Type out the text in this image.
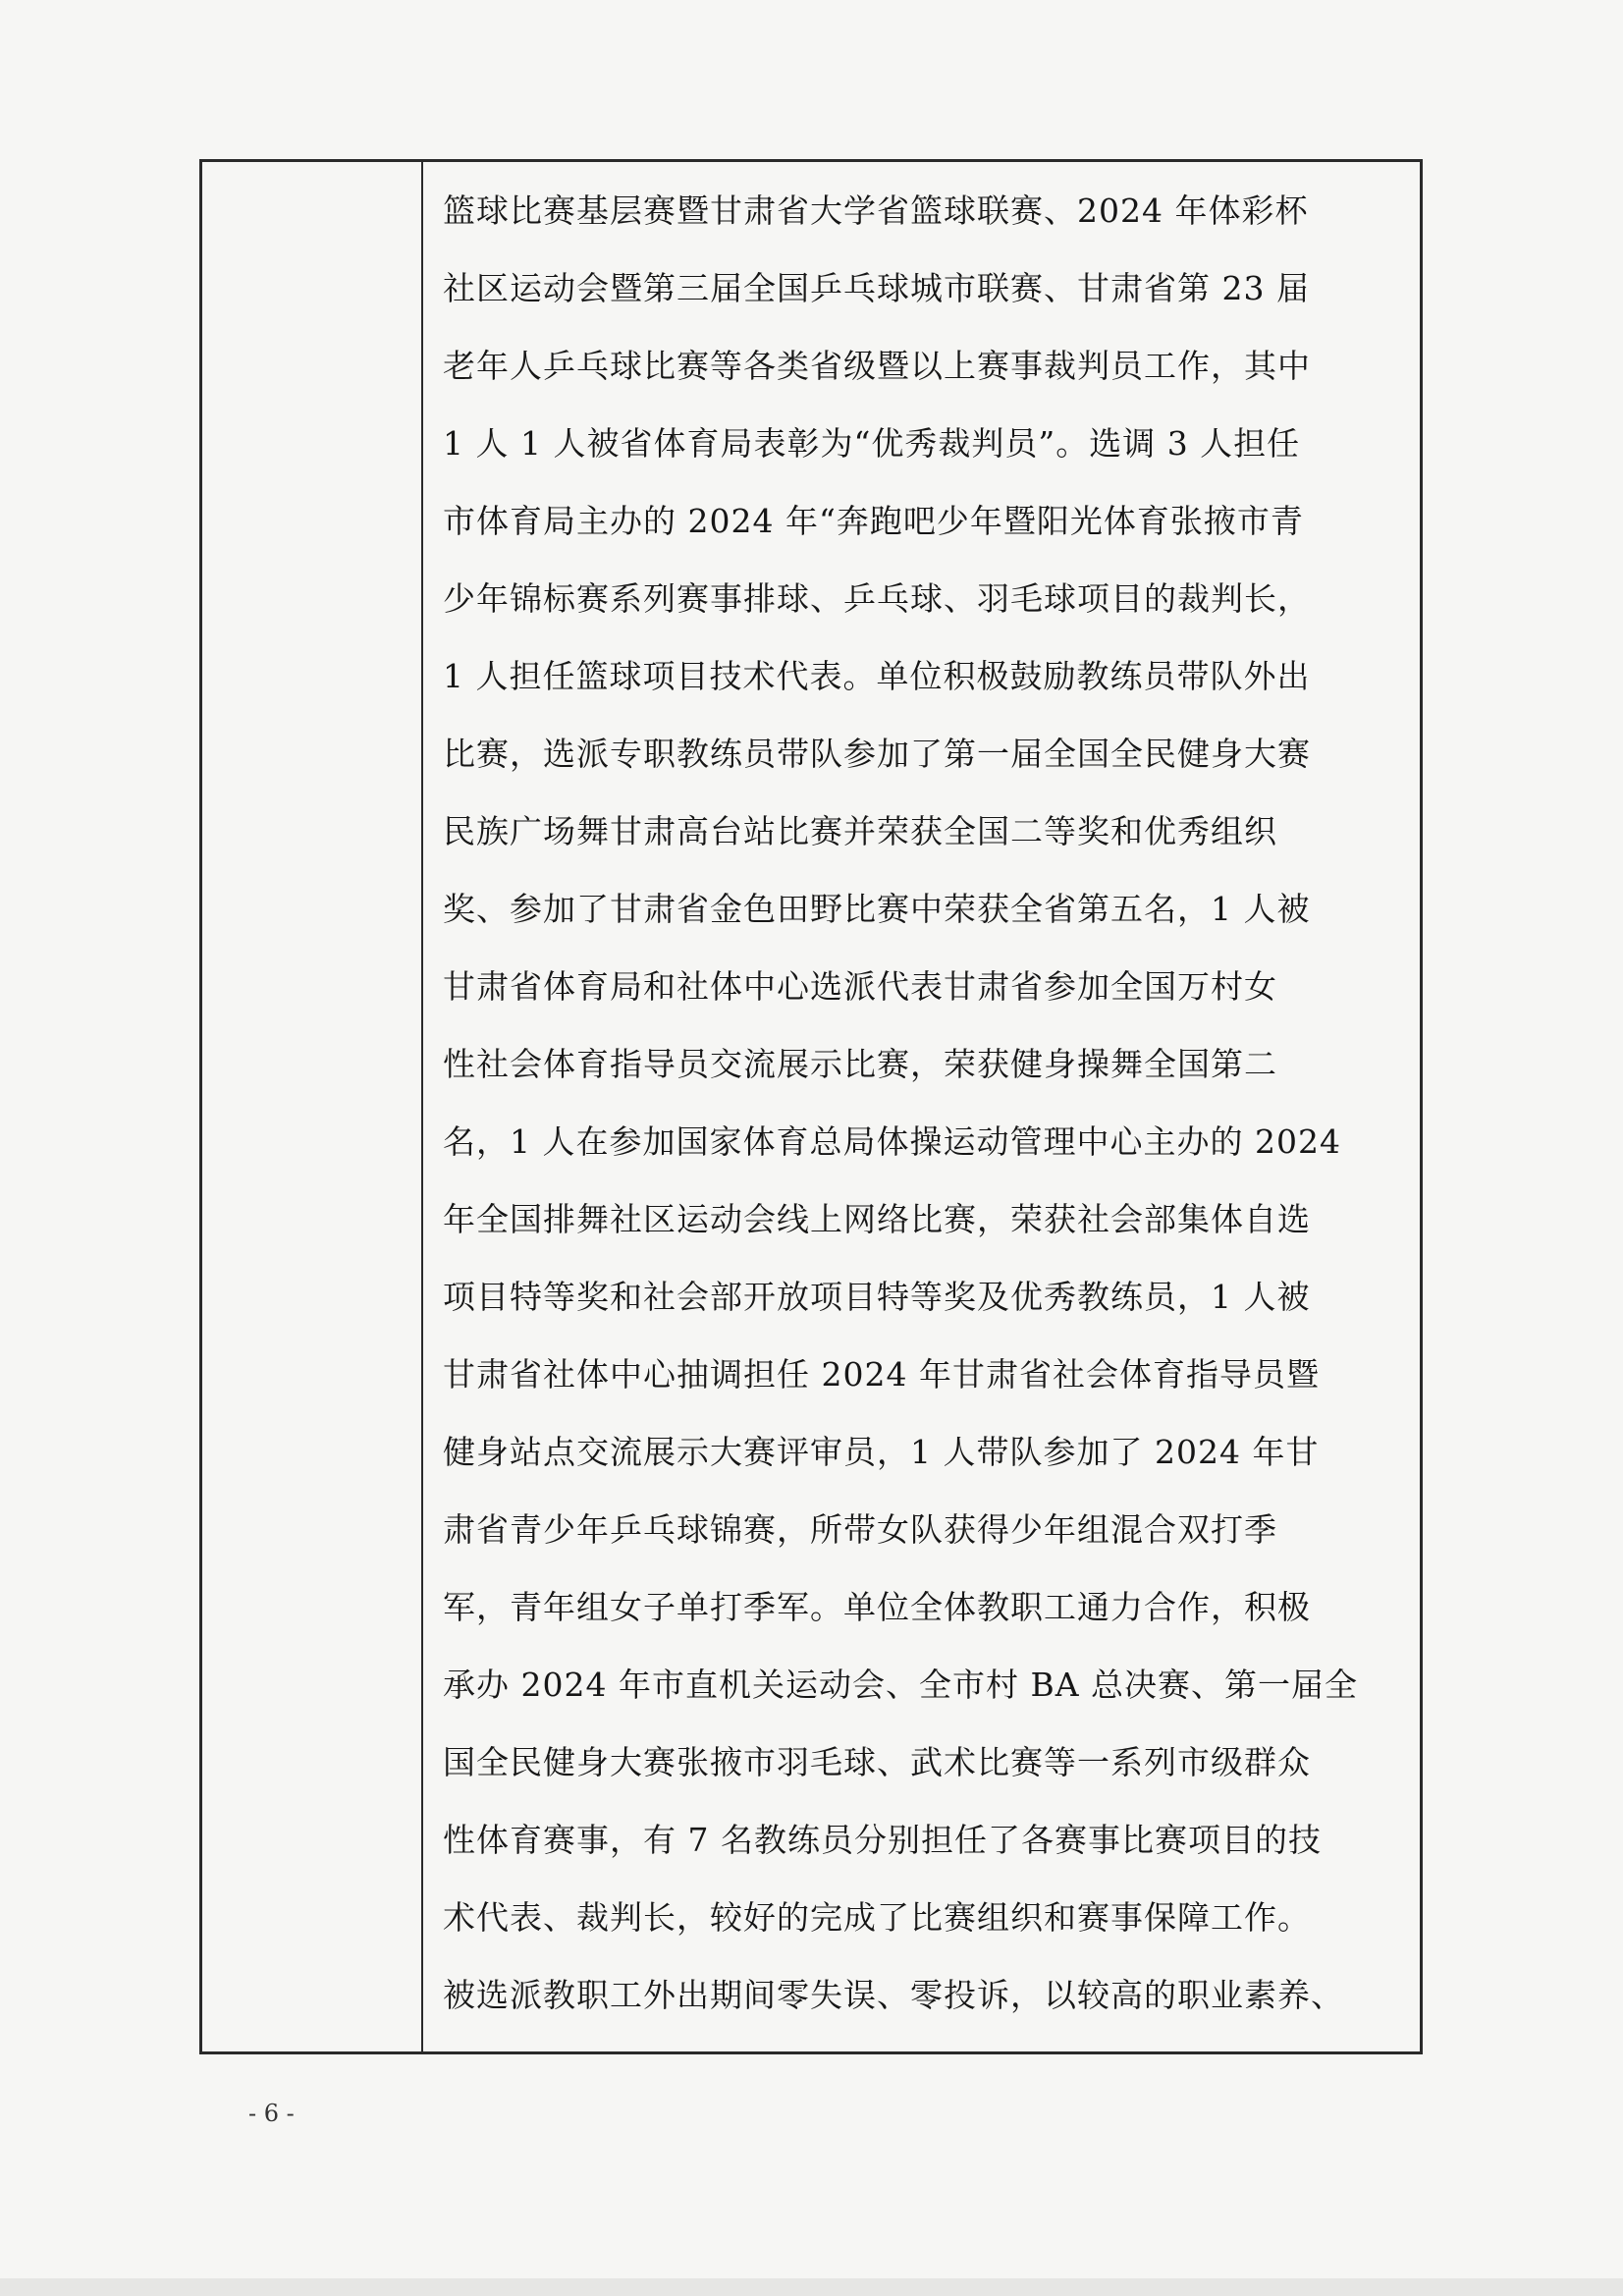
篮球比赛基层赛暨甘肃省大学省篮球联赛、2024 年体彩杯
社区运动会暨第三届全国乒乓球城市联赛、甘肃省第 23 届
老年人乒乓球比赛等各类省级暨以上赛事裁判员工作，其中
1 人 1 人被省体育局表彰为“优秀裁判员”。选调 3 人担任
市体育局主办的 2024 年“奔跑吧少年暨阳光体育张掖市青
少年锦标赛系列赛事排球、乒乓球、羽毛球项目的裁判长，
1 人担任篮球项目技术代表。单位积极鼓励教练员带队外出
比赛，选派专职教练员带队参加了第一届全国全民健身大赛
民族广场舞甘肃高台站比赛并荣获全国二等奖和优秀组织
奖、参加了甘肃省金色田野比赛中荣获全省第五名，1 人被
甘肃省体育局和社体中心选派代表甘肃省参加全国万村女
性社会体育指导员交流展示比赛，荣获健身操舞全国第二
名，1 人在参加国家体育总局体操运动管理中心主办的 2024
年全国排舞社区运动会线上网络比赛，荣获社会部集体自选
项目特等奖和社会部开放项目特等奖及优秀教练员，1 人被
甘肃省社体中心抽调担任 2024 年甘肃省社会体育指导员暨
健身站点交流展示大赛评审员，1 人带队参加了 2024 年甘
肃省青少年乒乓球锦赛，所带女队获得少年组混合双打季
军，青年组女子单打季军。单位全体教职工通力合作，积极
承办 2024 年市直机关运动会、全市村 BA 总决赛、第一届全
国全民健身大赛张掖市羽毛球、武术比赛等一系列市级群众
性体育赛事，有 7 名教练员分别担任了各赛事比赛项目的技
术代表、裁判长，较好的完成了比赛组织和赛事保障工作。
被选派教职工外出期间零失误、零投诉，以较高的职业素养、
- 6 -
